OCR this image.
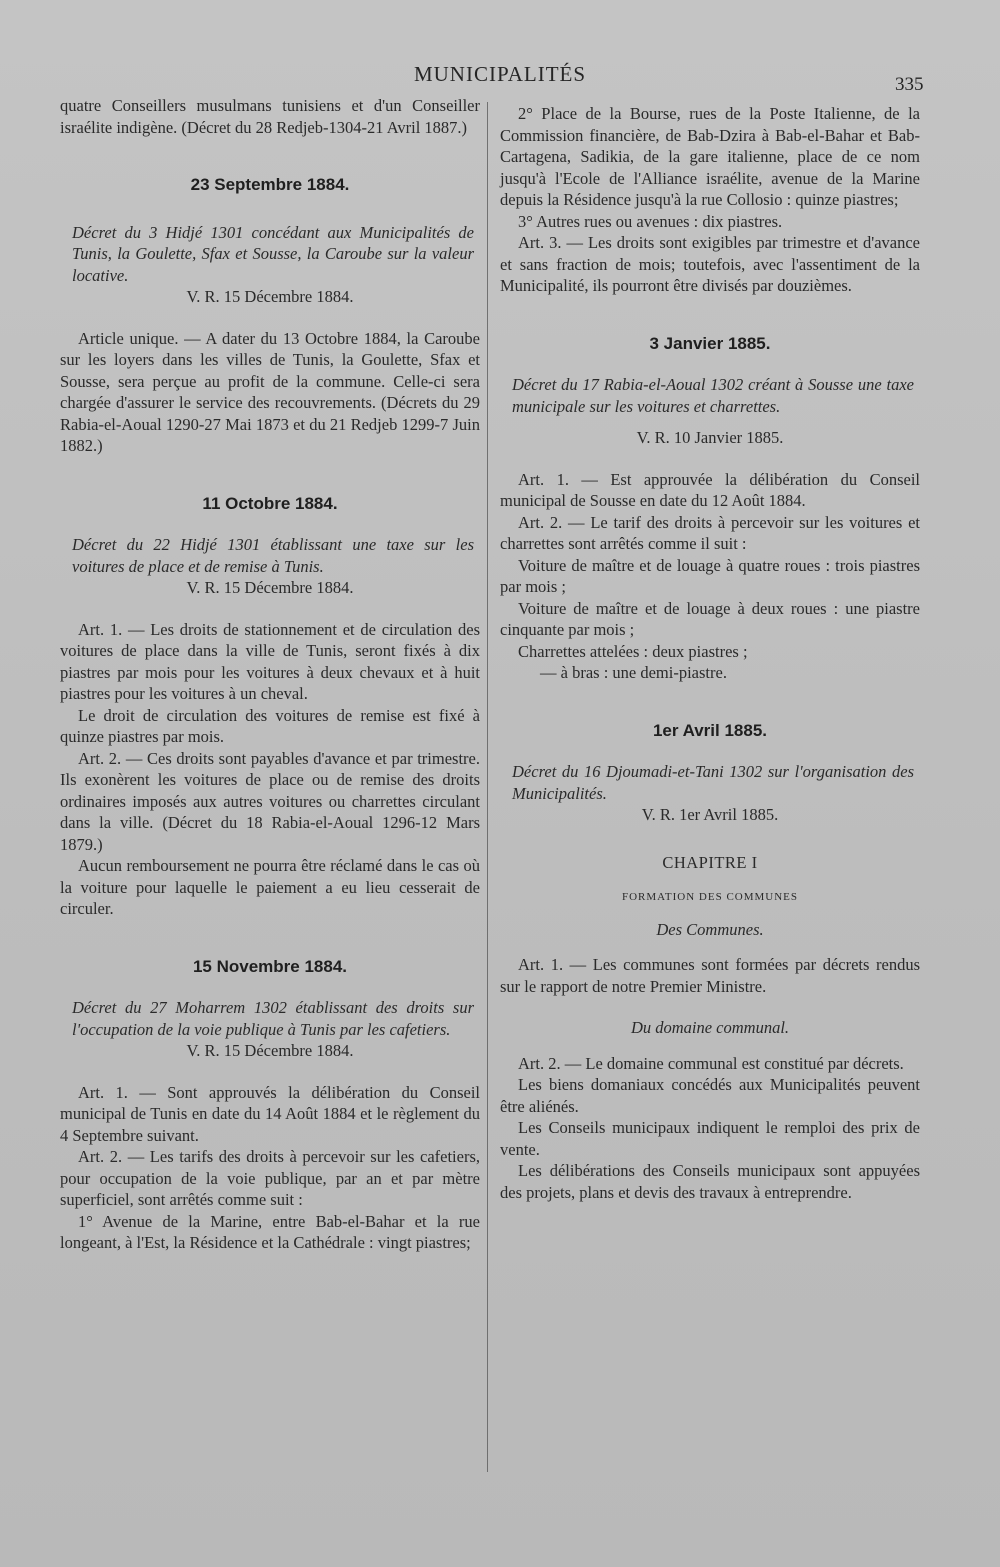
MUNICIPALITÉS	335

quatre Conseillers musulmans tunisiens et d'un Conseiller israélite indigène. (Décret du 28 Redjeb-1304-21 Avril 1887.)

23 Septembre 1884.

Décret du 3 Hidjé 1301 concédant aux Municipalités de Tunis, la Goulette, Sfax et Sousse, la Caroube sur la valeur locative.

V. R. 15 Décembre 1884.

Article unique. — A dater du 13 Octobre 1884, la Caroube sur les loyers dans les villes de Tunis, la Goulette, Sfax et Sousse, sera perçue au profit de la commune. Celle-ci sera chargée d'assurer le service des recouvrements. (Décrets du 29 Rabia-el-Aoual 1290-27 Mai 1873 et du 21 Redjeb 1299-7 Juin 1882.)

11 Octobre 1884.

Décret du 22 Hidjé 1301 établissant une taxe sur les voitures de place et de remise à Tunis.

V. R. 15 Décembre 1884.

Art. 1. — Les droits de stationnement et de circulation des voitures de place dans la ville de Tunis, seront fixés à dix piastres par mois pour les voitures à deux chevaux et à huit piastres pour les voitures à un cheval.

Le droit de circulation des voitures de remise est fixé à quinze piastres par mois.

Art. 2. — Ces droits sont payables d'avance et par trimestre. Ils exonèrent les voitures de place ou de remise des droits ordinaires imposés aux autres voitures ou charrettes circulant dans la ville. (Décret du 18 Rabia-el-Aoual 1296-12 Mars 1879.)

Aucun remboursement ne pourra être réclamé dans le cas où la voiture pour laquelle le paiement a eu lieu cesserait de circuler.

15 Novembre 1884.

Décret du 27 Moharrem 1302 établissant des droits sur l'occupation de la voie publique à Tunis par les cafetiers.

V. R. 15 Décembre 1884.

Art. 1. — Sont approuvés la délibération du Conseil municipal de Tunis en date du 14 Août 1884 et le règlement du 4 Septembre suivant.

Art. 2. — Les tarifs des droits à percevoir sur les cafetiers, pour occupation de la voie publique, par an et par mètre superficiel, sont arrêtés comme suit :

1° Avenue de la Marine, entre Bab-el-Bahar et la rue longeant, à l'Est, la Résidence et la Cathédrale : vingt piastres;

2° Place de la Bourse, rues de la Poste Italienne, de la Commission financière, de Bab-Dzira à Bab-el-Bahar et Bab-Cartagena, Sadikia, de la gare italienne, place de ce nom jusqu'à l'Ecole de l'Alliance israélite, avenue de la Marine depuis la Résidence jusqu'à la rue Collosio : quinze piastres;

3° Autres rues ou avenues : dix piastres.

Art. 3. — Les droits sont exigibles par trimestre et d'avance et sans fraction de mois; toutefois, avec l'assentiment de la Municipalité, ils pourront être divisés par douzièmes.

3 Janvier 1885.

Décret du 17 Rabia-el-Aoual 1302 créant à Sousse une taxe municipale sur les voitures et charrettes.

V. R. 10 Janvier 1885.

Art. 1. — Est approuvée la délibération du Conseil municipal de Sousse en date du 12 Août 1884.

Art. 2. — Le tarif des droits à percevoir sur les voitures et charrettes sont arrêtés comme il suit :

Voiture de maître et de louage à quatre roues : trois piastres par mois ;

Voiture de maître et de louage à deux roues : une piastre cinquante par mois ;

Charrettes attelées : deux piastres ;

— à bras : une demi-piastre.

1er Avril 1885.

Décret du 16 Djoumadi-et-Tani 1302 sur l'organisation des Municipalités.

V. R. 1er Avril 1885.

CHAPITRE I

FORMATION DES COMMUNES

Des Communes.

Art. 1. — Les communes sont formées par décrets rendus sur le rapport de notre Premier Ministre.

Du domaine communal.

Art. 2. — Le domaine communal est constitué par décrets.

Les biens domaniaux concédés aux Municipalités peuvent être aliénés.

Les Conseils municipaux indiquent le remploi des prix de vente.

Les délibérations des Conseils municipaux sont appuyées des projets, plans et devis des travaux à entreprendre.
